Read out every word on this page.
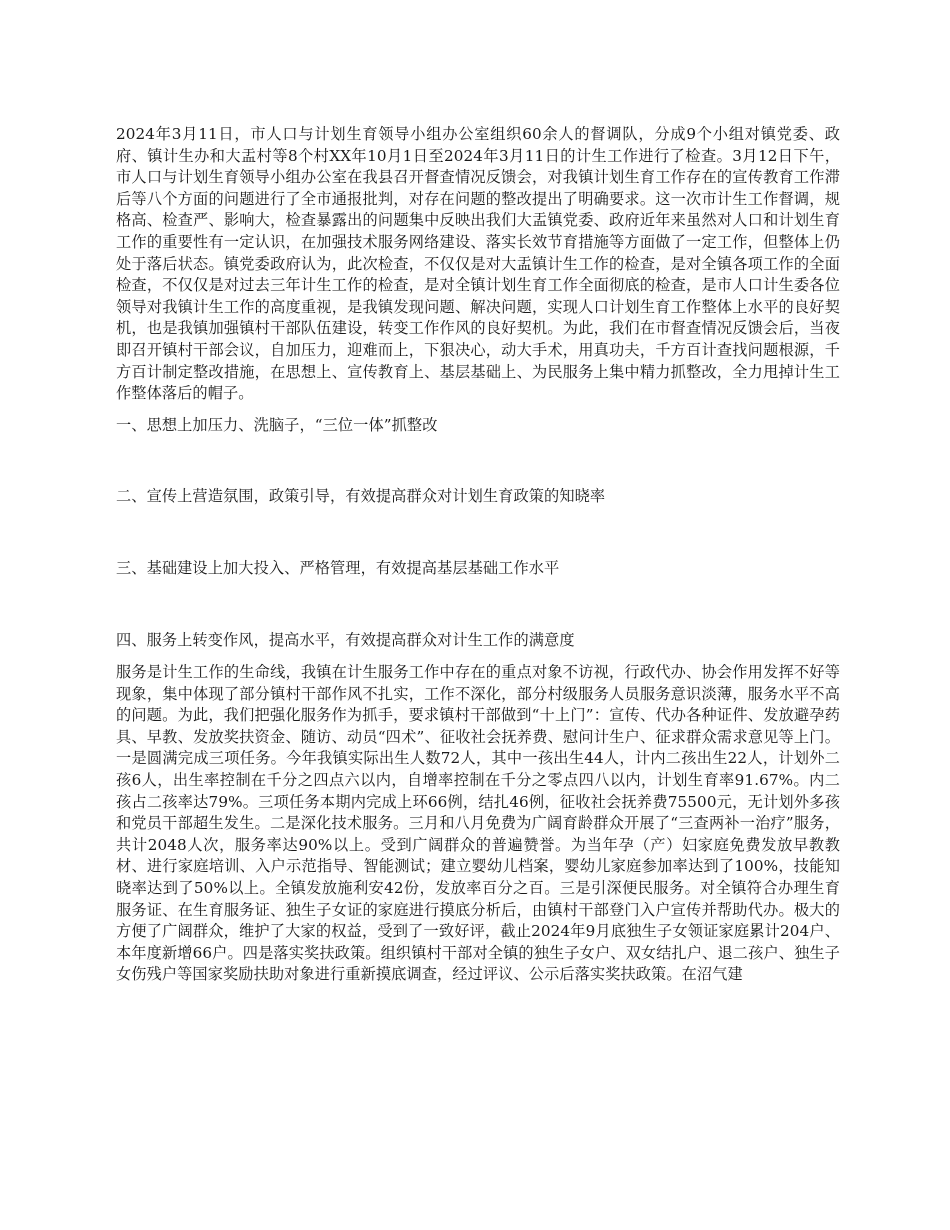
2024年3月11日，市人口与计划生育领导小组办公室组织60余人的督调队，分成9个小组对镇党委、政府、镇计生办和大盂村等8个村XX年10月1日至2024年3月11日的计生工作进行了检查。3月12日下午，市人口与计划生育领导小组办公室在我县召开督查情况反馈会，对我镇计划生育工作存在的宣传教育工作滞后等八个方面的问题进行了全市通报批判，对存在问题的整改提出了明确要求。这一次市计生工作督调，规格高、检查严、影响大，检查暴露出的问题集中反映出我们大盂镇党委、政府近年来虽然对人口和计划生育工作的重要性有一定认识，在加强技术服务网络建设、落实长效节育措施等方面做了一定工作，但整体上仍处于落后状态。镇党委政府认为，此次检查，不仅仅是对大盂镇计生工作的检查，是对全镇各项工作的全面检查，不仅仅是对过去三年计生工作的检查，是对全镇计划生育工作全面彻底的检查，是市人口计生委各位领导对我镇计生工作的高度重视，是我镇发现问题、解决问题，实现人口计划生育工作整体上水平的良好契机，也是我镇加强镇村干部队伍建设，转变工作作风的良好契机。为此，我们在市督查情况反馈会后，当夜即召开镇村干部会议，自加压力，迎难而上，下狠决心，动大手术，用真功夫，千方百计查找问题根源，千方百计制定整改措施，在思想上、宣传教育上、基层基础上、为民服务上集中精力抓整改，全力甩掉计生工作整体落后的帽子。

一、思想上加压力、洗脑子，“三位一体”抓整改

二、宣传上营造氛围，政策引导，有效提高群众对计划生育政策的知晓率

三、基础建设上加大投入、严格管理，有效提高基层基础工作水平

四、服务上转变作风，提高水平，有效提高群众对计生工作的满意度

服务是计生工作的生命线，我镇在计生服务工作中存在的重点对象不访视，行政代办、协会作用发挥不好等现象，集中体现了部分镇村干部作风不扎实，工作不深化，部分村级服务人员服务意识淡薄，服务水平不高的问题。为此，我们把强化服务作为抓手，要求镇村干部做到“十上门”：宣传、代办各种证件、发放避孕药具、早教、发放奖扶资金、随访、动员“四术”、征收社会抚养费、慰问计生户、征求群众需求意见等上门。一是圆满完成三项任务。今年我镇实际出生人数72人，其中一孩出生44人，计内二孩出生22人，计划外二孩6人，出生率控制在千分之四点六以内，自增率控制在千分之零点四八以内，计划生育率91.67%。内二孩占二孩率达79%。三项任务本期内完成上环66例，结扎46例，征收社会抚养费75500元，无计划外多孩和党员干部超生发生。二是深化技术服务。三月和八月免费为广阔育龄群众开展了“三查两补一治疗”服务，共计2048人次，服务率达90%以上。受到广阔群众的普遍赞誉。为当年孕（产）妇家庭免费发放早教教材、进行家庭培训、入户示范指导、智能测试；建立婴幼儿档案，婴幼儿家庭参加率达到了100%，技能知晓率达到了50%以上。全镇发放施利安42份，发放率百分之百。三是引深便民服务。对全镇符合办理生育服务证、在生育服务证、独生子女证的家庭进行摸底分析后，由镇村干部登门入户宣传并帮助代办。极大的方便了广阔群众，维护了大家的权益，受到了一致好评，截止2024年9月底独生子女领证家庭累计204户、本年度新增66户。四是落实奖扶政策。组织镇村干部对全镇的独生子女户、双女结扎户、退二孩户、独生子女伤残户等国家奖励扶助对象进行重新摸底调查，经过评议、公示后落实奖扶政策。在沼气建
